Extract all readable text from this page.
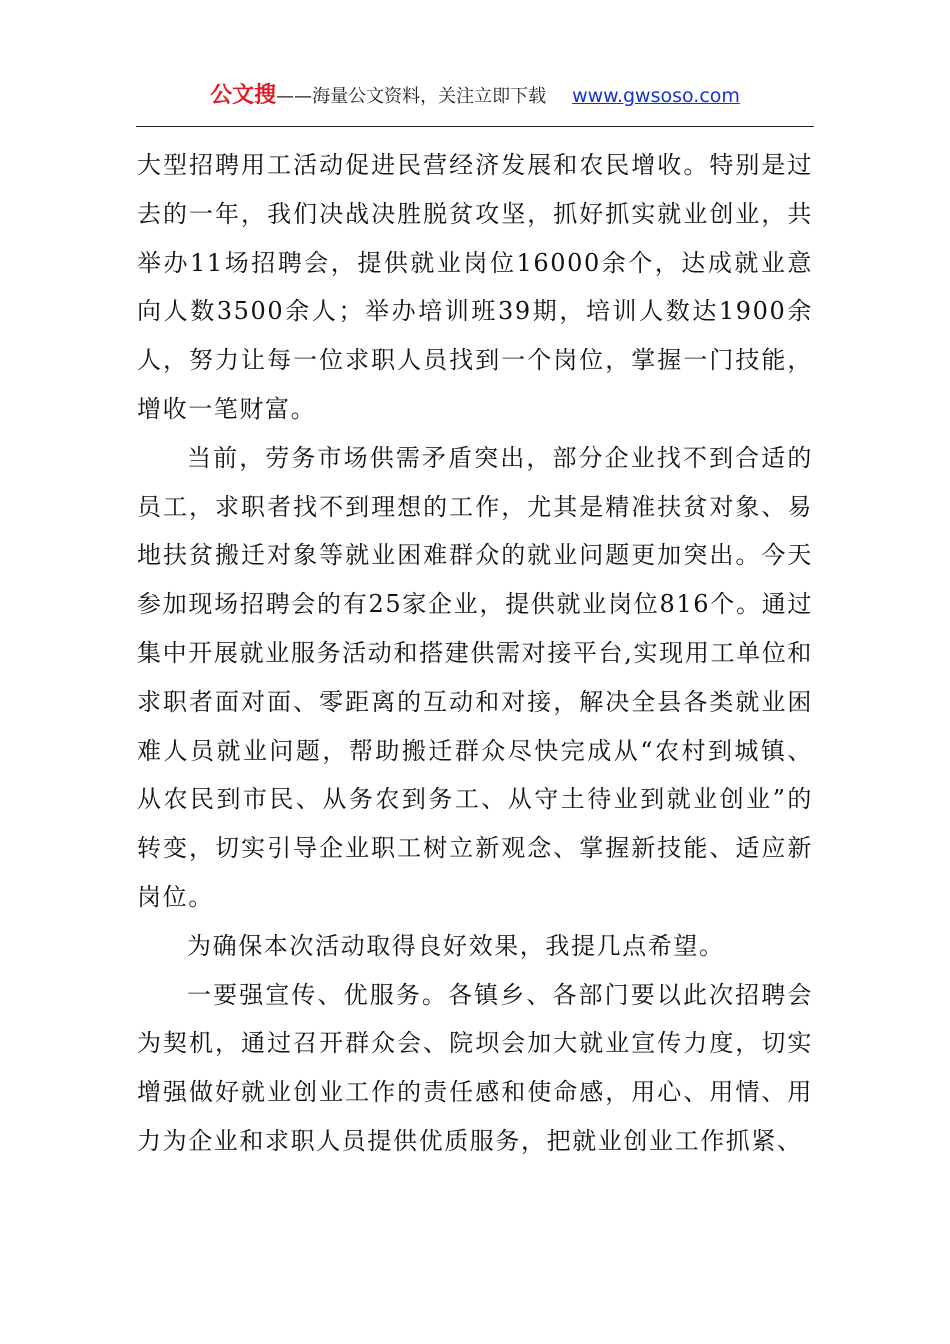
公文搜——海量公文资料，关注立即下载 www.gwsoso.com

大型招聘用工活动促进民营经济发展和农民增收。特别是过去的一年，我们决战决胜脱贫攻坚，抓好抓实就业创业，共举办11场招聘会，提供就业岗位16000余个，达成就业意向人数3500余人；举办培训班39期，培训人数达1900余人，努力让每一位求职人员找到一个岗位，掌握一门技能，增收一笔财富。

当前，劳务市场供需矛盾突出，部分企业找不到合适的员工，求职者找不到理想的工作，尤其是精准扶贫对象、易地扶贫搬迁对象等就业困难群众的就业问题更加突出。今天参加现场招聘会的有25家企业，提供就业岗位816个。通过集中开展就业服务活动和搭建供需对接平台,实现用工单位和求职者面对面、零距离的互动和对接，解决全县各类就业困难人员就业问题，帮助搬迁群众尽快完成从“农村到城镇、从农民到市民、从务农到务工、从守土待业到就业创业”的转变，切实引导企业职工树立新观念、掌握新技能、适应新岗位。

为确保本次活动取得良好效果，我提几点希望。

一要强宣传、优服务。各镇乡、各部门要以此次招聘会为契机，通过召开群众会、院坝会加大就业宣传力度，切实增强做好就业创业工作的责任感和使命感，用心、用情、用力为企业和求职人员提供优质服务，把就业创业工作抓紧、
